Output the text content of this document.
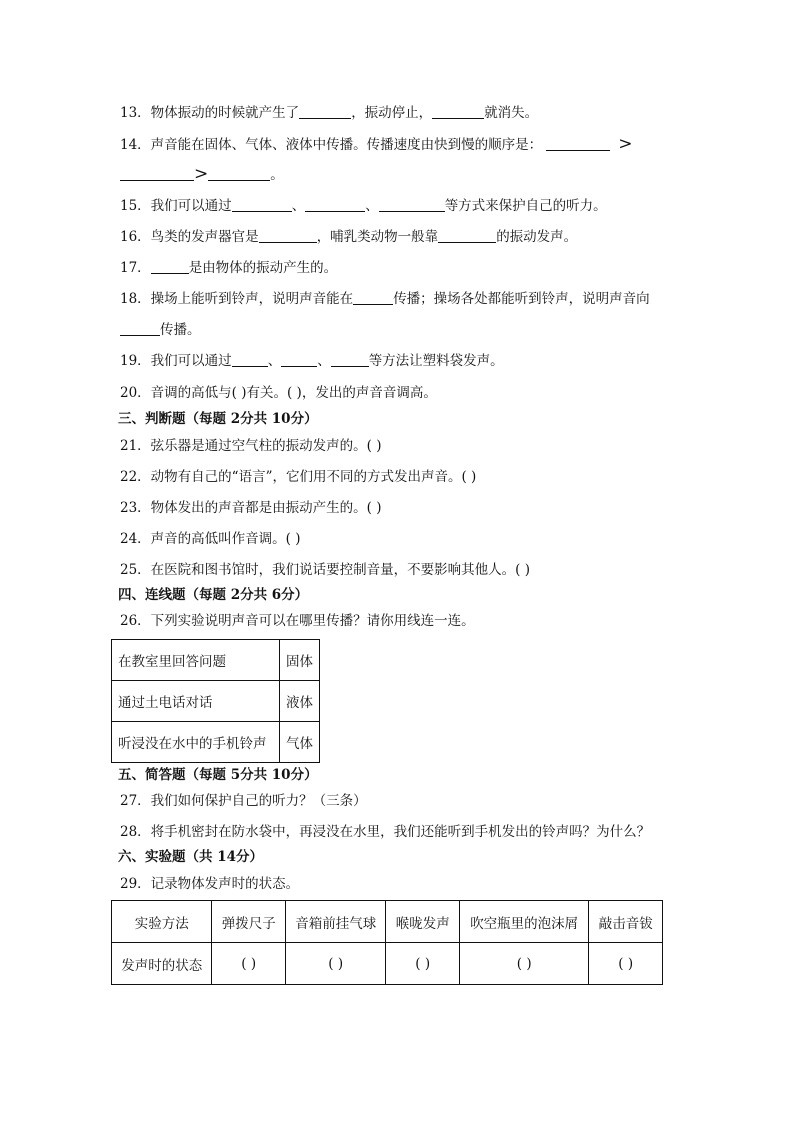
13．物体振动的时候就产生了	，振动停止，	就消失。
14．声音能在固体、气体、液体中传播。传播速度由快到慢的顺序是：	>
>	。
15．我们可以通过	、	、	等方式来保护自己的听力。
16．鸟类的发声器官是	，哺乳类动物一般靠	的振动发声。
17．	是由物体的振动产生的。
18．操场上能听到铃声，说明声音能在	传播；操场各处都能听到铃声，说明声音向
传播。
19．我们可以通过	、	、	等方法让塑料袋发声。
20．音调的高低与( )有关。( )，发出的声音音调高。
三、判断题（每题 2分共 10分）
21．弦乐器是通过空气柱的振动发声的。( )
22．动物有自己的“语言”，它们用不同的方式发出声音。( )
23．物体发出的声音都是由振动产生的。( )
24．声音的高低叫作音调。( )
25．在医院和图书馆时，我们说话要控制音量，不要影响其他人。( )
四、连线题（每题 2分共 6分）
26．下列实验说明声音可以在哪里传播？请你用线连一连。
在教室里回答问题	固体
通过土电话对话	液体
听浸没在水中的手机铃声	气体
五、简答题（每题 5分共 10分）
27．我们如何保护自己的听力？（三条）
28．将手机密封在防水袋中，再浸没在水里，我们还能听到手机发出的铃声吗？为什么？
六、实验题（共 14分）
29．记录物体发声时的状态。
实验方法	弹拨尺子	音箱前挂气球	喉咙发声	吹空瓶里的泡沫屑	敲击音钹
发声时的状态	( )	( )	( )	( )	( )
